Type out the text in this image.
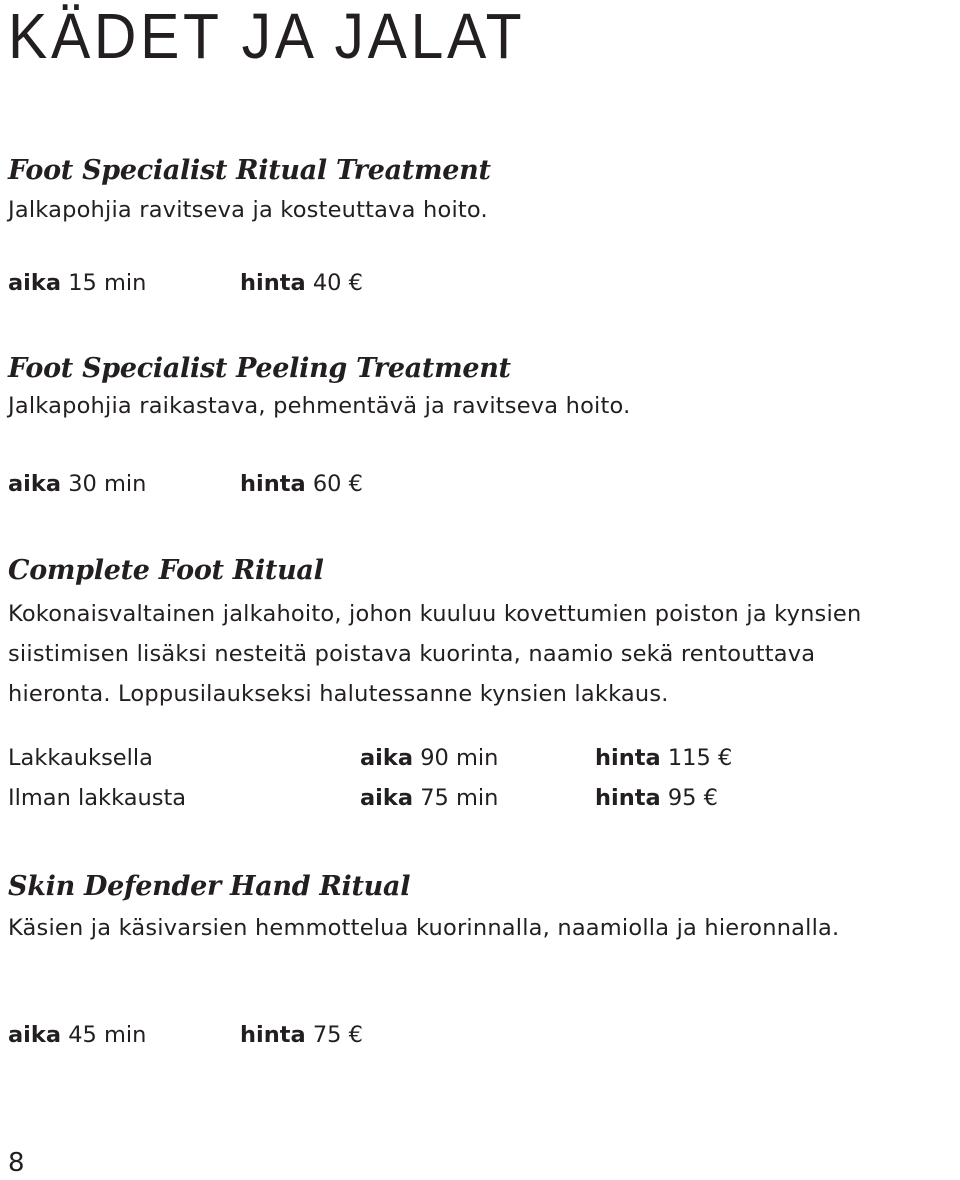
KÄDET JA JALAT
Foot Specialist Ritual Treatment

Jalkapohjia ravitseva ja kosteuttava hoito.

aika 15 min	hinta 40 €
Foot Specialist Peeling Treatment

Jalkapohjia raikastava, pehmentävä ja ravitseva hoito.

aika 30 min	hinta 60 €
Complete Foot Ritual

Kokonaisvaltainen jalkahoito, johon kuuluu kovettumien poiston ja kynsien siistimisen lisäksi nesteitä poistava kuorinta, naamio sekä rentouttava hieronta. Loppusilaukseksi halutessanne kynsien lakkaus.

Lakkauksella	aika 90 min	hinta 115 €
Ilman lakkausta	aika 75 min	hinta 95 €
Skin Defender Hand Ritual

Käsien ja käsivarsien hemmottelua kuorinnalla, naamiolla ja hieronnalla.

aika 45 min	hinta 75 €
8
